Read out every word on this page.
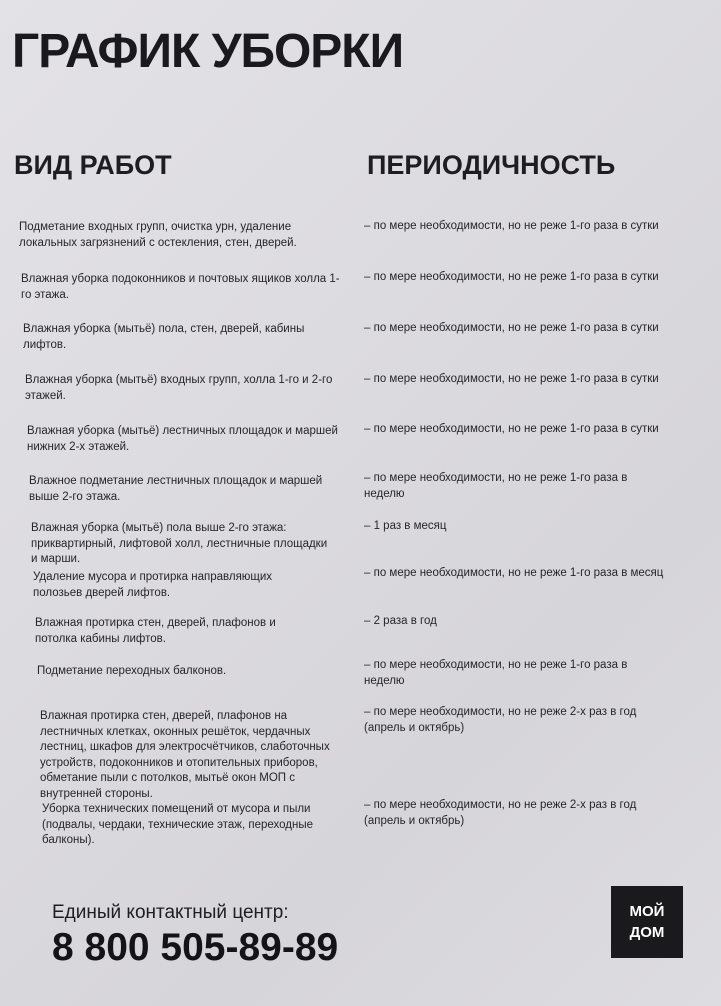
ГРАФИК УБОРКИ
ВИД РАБОТ	ПЕРИОДИЧНОСТЬ
Подметание входных групп, очистка урн, удаление локальных загрязнений с остекления, стен, дверей.
– по мере необходимости, но не реже 1-го раза в сутки
Влажная уборка подоконников и почтовых ящиков холла 1-го этажа.
– по мере необходимости, но не реже 1-го раза в сутки
Влажная уборка (мытьё) пола, стен, дверей, кабины лифтов.
– по мере необходимости, но не реже 1-го раза в сутки
Влажная уборка (мытьё) входных групп, холла 1-го и 2-го этажей.
– по мере необходимости, но не реже 1-го раза в сутки
Влажная уборка (мытьё) лестничных площадок и маршей нижних 2-х этажей.
– по мере необходимости, но не реже 1-го раза в сутки
Влажное подметание лестничных площадок и маршей выше 2-го этажа.
– по мере необходимости, но не реже 1-го раза в неделю
Влажная уборка (мытьё) пола выше 2-го этажа: приквартирный, лифтовой холл, лестничные площадки и марши.
– 1 раз в месяц
Удаление мусора и протирка направляющих полозьев дверей лифтов.
– по мере необходимости, но не реже 1-го раза в месяц
Влажная протирка стен, дверей, плафонов и потолка кабины лифтов.
– 2 раза в год
Подметание переходных балконов.	– по мере необходимости, но не реже 1-го раза в неделю
Влажная протирка стен, дверей, плафонов на лестничных клетках, оконных решёток, чердачных лестниц, шкафов для электросчётчиков, слаботочных устройств, подоконников и отопительных приборов, обметание пыли с потолков, мытьё окон МОП с внутренней стороны.
– по мере необходимости, но не реже 2-х раз в год (апрель и октябрь)
Уборка технических помещений от мусора и пыли (подвалы, чердаки, технические этаж, переходные балконы).
– по мере необходимости, но не реже 2-х раз в год (апрель и октябрь)
Единый контактный центр:
8 800 505-89-89
МОЙ
ДОМ
